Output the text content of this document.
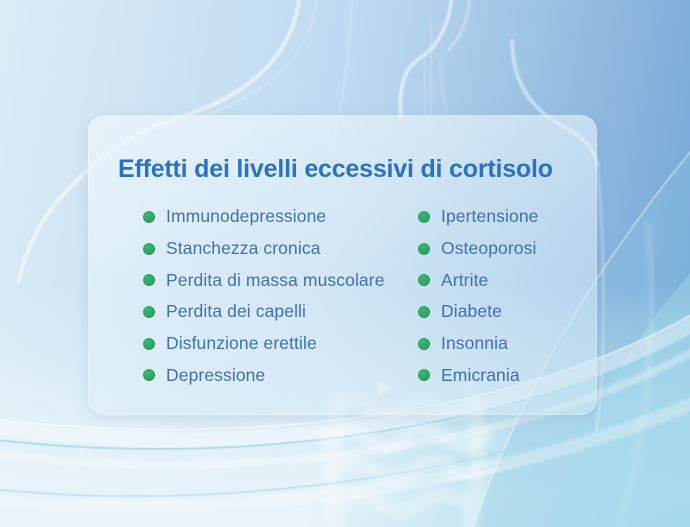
Effetti dei livelli eccessivi di cortisolo
Immunodepressione
Stanchezza cronica
Perdita di massa muscolare
Perdita dei capelli
Disfunzione erettile
Depressione
Ipertensione
Osteoporosi
Artrite
Diabete
Insonnia
Emicrania
